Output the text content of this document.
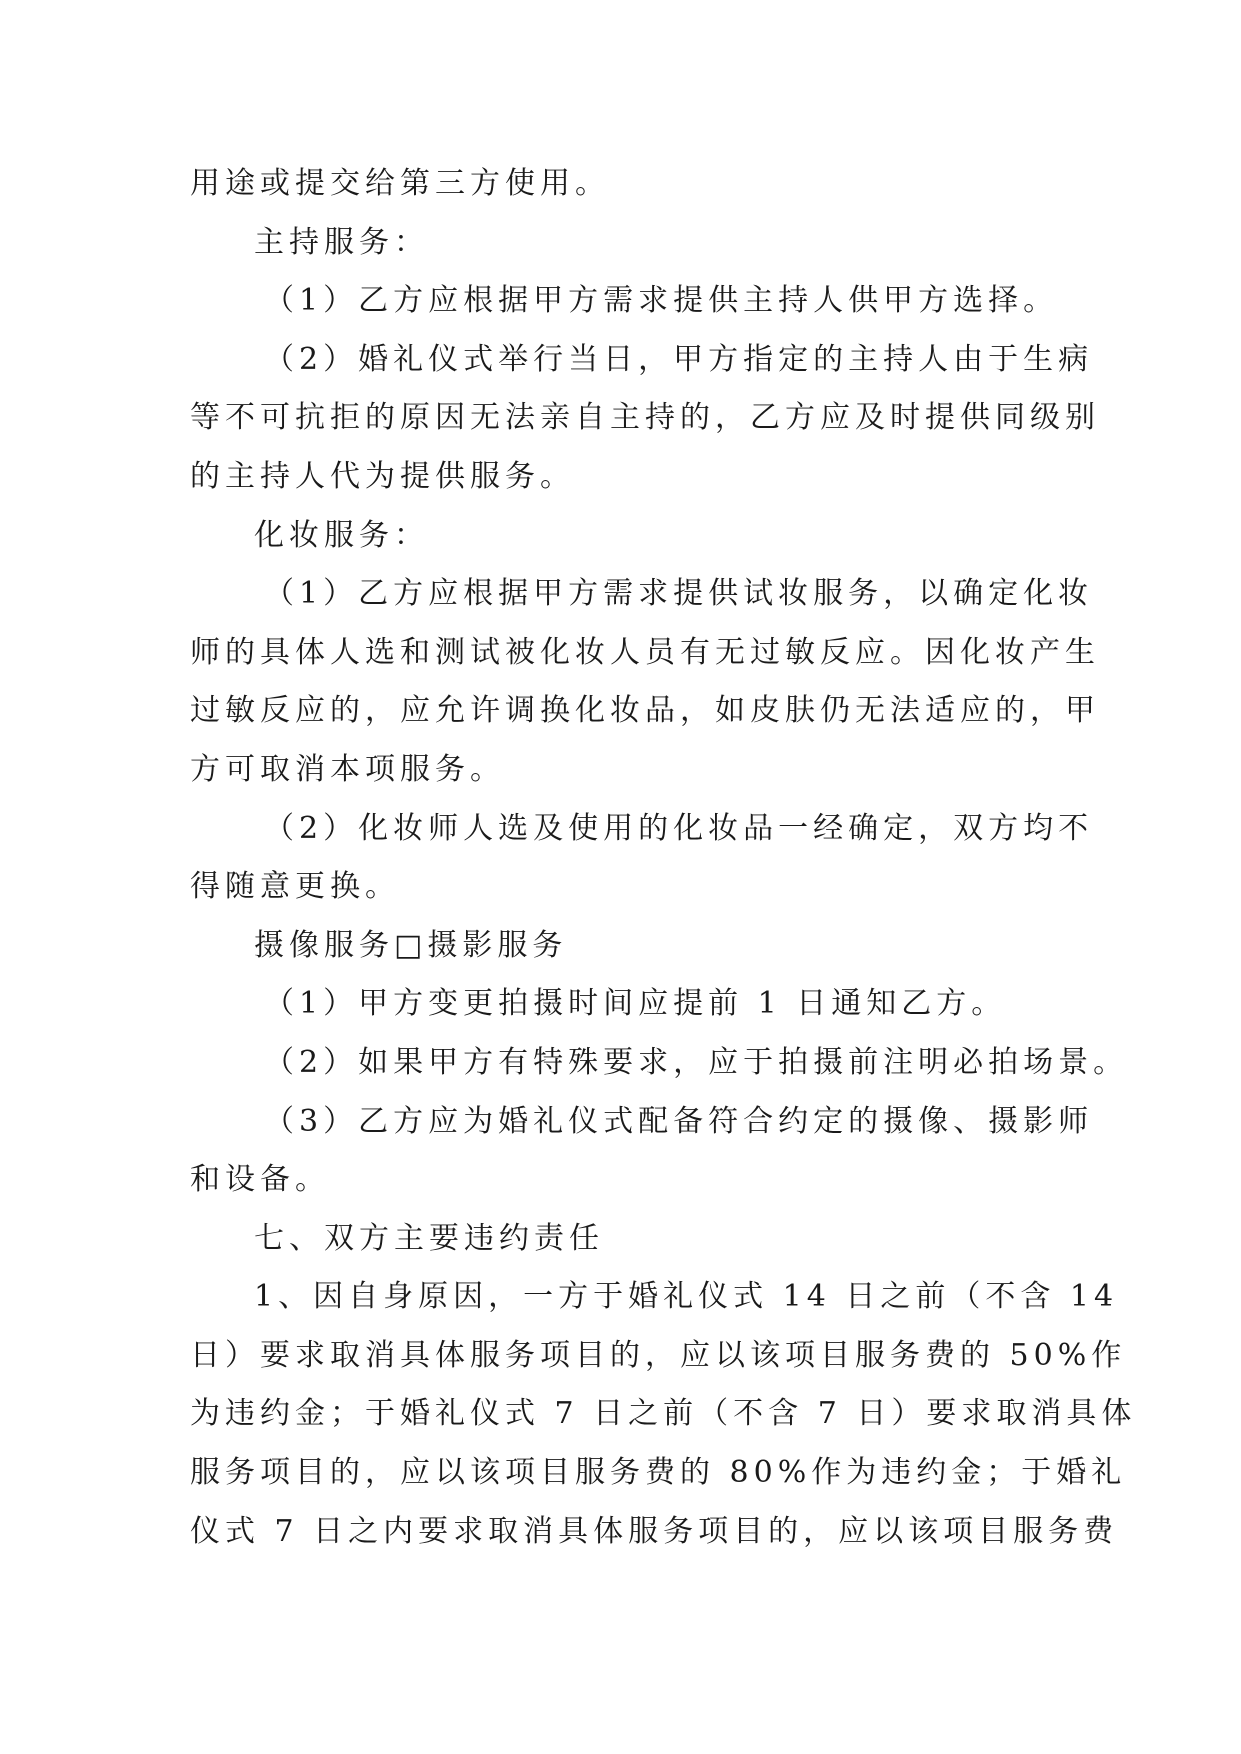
用途或提交给第三方使用。
主持服务：
（1）乙方应根据甲方需求提供主持人供甲方选择。
（2）婚礼仪式举行当日，甲方指定的主持人由于生病
等不可抗拒的原因无法亲自主持的，乙方应及时提供同级别
的主持人代为提供服务。
化妆服务：
（1）乙方应根据甲方需求提供试妆服务，以确定化妆
师的具体人选和测试被化妆人员有无过敏反应。因化妆产生
过敏反应的，应允许调换化妆品，如皮肤仍无法适应的，甲
方可取消本项服务。
（2）化妆师人选及使用的化妆品一经确定，双方均不
得随意更换。
摄像服务□摄影服务
（1）甲方变更拍摄时间应提前 1 日通知乙方。
（2）如果甲方有特殊要求，应于拍摄前注明必拍场景。
（3）乙方应为婚礼仪式配备符合约定的摄像、摄影师
和设备。
七、双方主要违约责任
1、因自身原因，一方于婚礼仪式 14 日之前（不含 14
日）要求取消具体服务项目的，应以该项目服务费的 50%作
为违约金；于婚礼仪式 7 日之前（不含 7 日）要求取消具体
服务项目的，应以该项目服务费的 80%作为违约金；于婚礼
仪式 7 日之内要求取消具体服务项目的，应以该项目服务费
